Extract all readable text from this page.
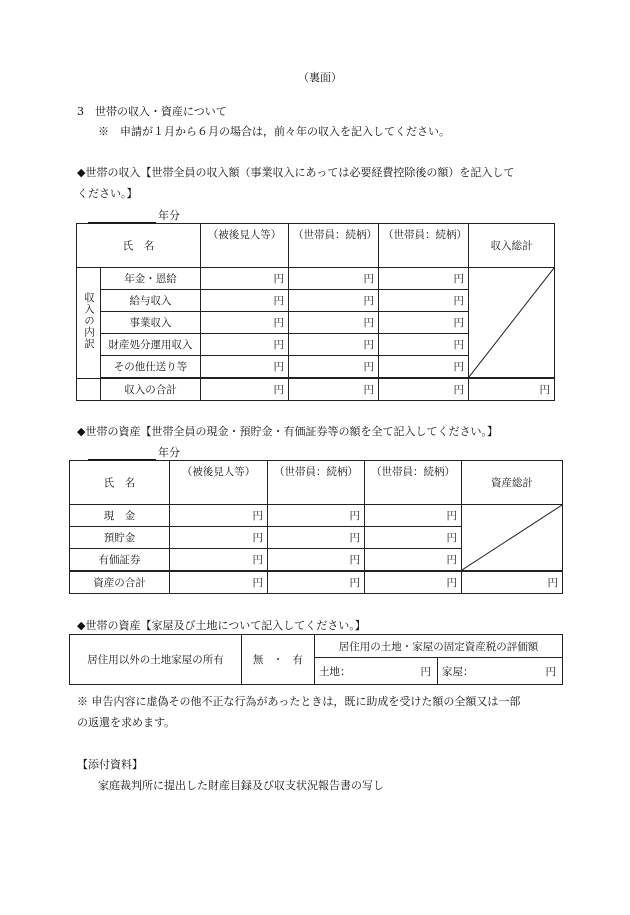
（裏面）
3　世帯の収入・資産について
※　申請が１月から６月の場合は，前々年の収入を記入してください。
◆世帯の収入【世帯全員の収入額（事業収入にあっては必要経費控除後の額）を記入して
ください。】
年分
氏　名		（被後見人等）	（世帯員：続柄）	（世帯員：続柄）	収入総計
収入の内訳	年金・恩給	円	円	円	

	給与収入	円	円	円	
	事業収入	円	円	円	
	財産処分運用収入	円	円	円	
	その他仕送り等	円	円	円	
	収入の合計	円	円	円	円
◆世帯の資産【世帯全員の現金・預貯金・有価証券等の額を全て記入してください。】
年分
氏　名	（被後見人等）	（世帯員：続柄）	（世帯員：続柄）	資産総計
現　金	円	円	円	

預貯金	円	円	円	
有価証券	円	円	円	
資産の合計	円	円	円	円
◆世帯の資産【家屋及び土地について記入してください。】
居住用以外の土地家屋の所有	無 ・ 有	居住用の土地・家屋の固定資産税の評価額	
		土地： 円	家屋： 円
※ 申告内容に虚偽その他不正な行為があったときは，既に助成を受けた額の全額又は一部
の返還を求めます。
【添付資料】
家庭裁判所に提出した財産目録及び収支状況報告書の写し
